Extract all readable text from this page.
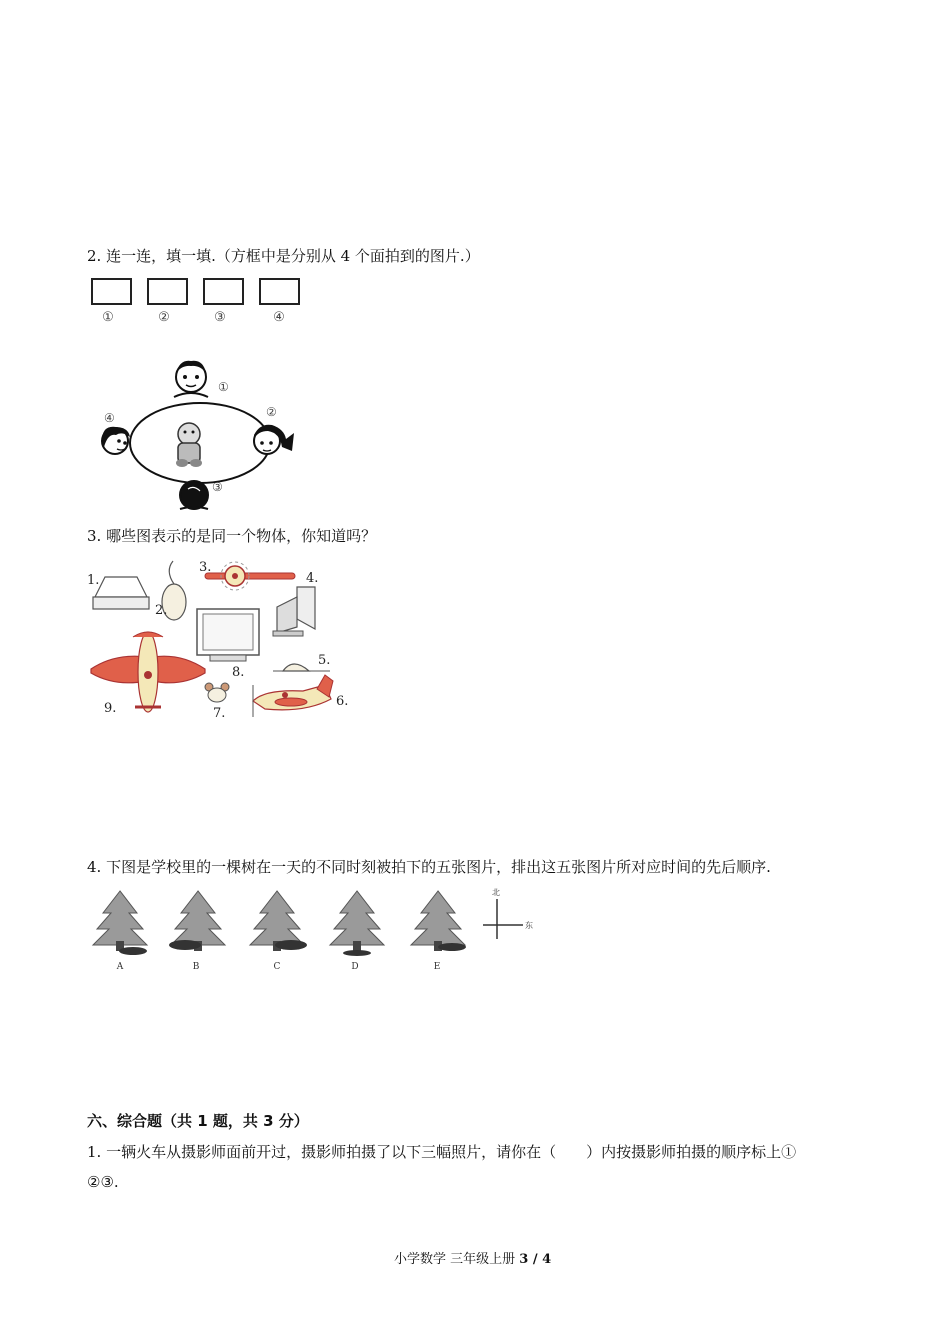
2. 连一连，填一填.（方框中是分别从 4 个面拍到的图片.）
①	②	③	④
①
②
④
③
3. 哪些图表示的是同一个物体，你知道吗？
1.
2.
3.
4.
5.
6.
7.
8.
9.
4. 下图是学校里的一棵树在一天的不同时刻被拍下的五张图片，排出这五张图片所对应时间的先后顺序.
北
东
A	B	C	D	E
六、综合题（共 1 题，共 3 分）
1. 一辆火车从摄影师面前开过，摄影师拍摄了以下三幅照片，请你在（　　）内按摄影师拍摄的顺序标上①
②③.
小学数学 三年级上册 3 / 4
